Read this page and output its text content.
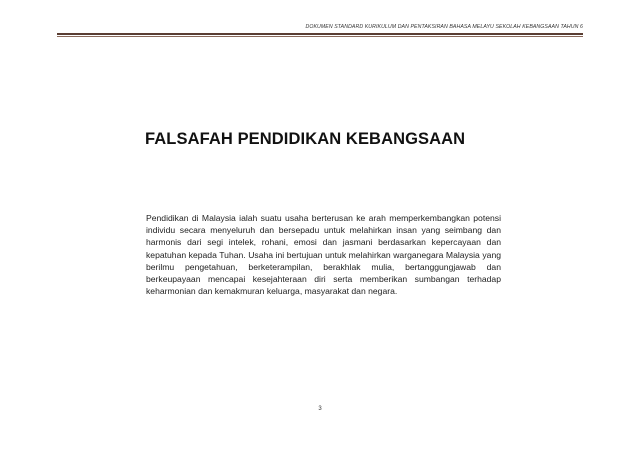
DOKUMEN STANDARD KURIKULUM DAN PENTAKSIRAN BAHASA MELAYU SEKOLAH KEBANGSAAN TAHUN 6
FALSAFAH PENDIDIKAN KEBANGSAAN

Pendidikan di Malaysia ialah suatu usaha berterusan ke arah memperkembangkan potensi individu secara menyeluruh dan bersepadu untuk melahirkan insan yang seimbang dan harmonis dari segi intelek, rohani, emosi dan jasmani berdasarkan kepercayaan dan kepatuhan kepada Tuhan. Usaha ini bertujuan untuk melahirkan warganegara Malaysia yang berilmu pengetahuan, berketerampilan, berakhlak mulia, bertanggungjawab dan berkeupayaan mencapai kesejahteraan diri serta memberikan sumbangan terhadap keharmonian dan kemakmuran keluarga, masyarakat dan negara.

3
